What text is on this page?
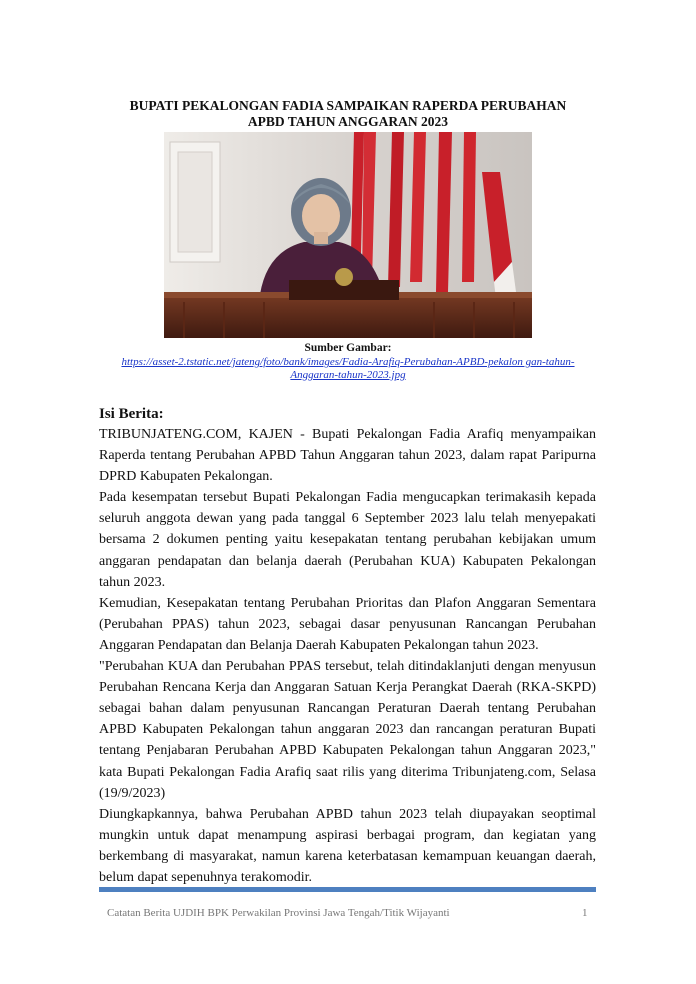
BUPATI PEKALONGAN FADIA SAMPAIKAN RAPERDA PERUBAHAN
APBD TAHUN ANGGARAN 2023
Sumber Gambar:
https://asset-2.tstatic.net/jateng/foto/bank/images/Fadia-Arafiq-Perubahan-APBD-pekalon gan-tahun-
Anggaran-tahun-2023.jpg
Isi Berita:

TRIBUNJATENG.COM, KAJEN - Bupati Pekalongan Fadia Arafiq menyampaikan Raperda tentang Perubahan APBD Tahun Anggaran tahun 2023, dalam rapat Paripurna DPRD Kabupaten Pekalongan.

Pada kesempatan tersebut Bupati Pekalongan Fadia mengucapkan terimakasih kepada seluruh anggota dewan yang pada tanggal 6 September 2023 lalu telah menyepakati bersama 2 dokumen penting yaitu kesepakatan tentang perubahan kebijakan umum anggaran pendapatan dan belanja daerah (Perubahan KUA) Kabupaten Pekalongan tahun 2023.

Kemudian, Kesepakatan tentang Perubahan Prioritas dan Plafon Anggaran Sementara (Perubahan PPAS) tahun 2023, sebagai dasar penyusunan Rancangan Perubahan Anggaran Pendapatan dan Belanja Daerah Kabupaten Pekalongan tahun 2023.

"Perubahan KUA dan Perubahan PPAS tersebut, telah ditindaklanjuti dengan menyusun Perubahan Rencana Kerja dan Anggaran Satuan Kerja Perangkat Daerah (RKA-SKPD) sebagai bahan dalam penyusunan Rancangan Peraturan Daerah tentang Perubahan APBD Kabupaten Pekalongan tahun anggaran 2023 dan rancangan peraturan Bupati tentang Penjabaran Perubahan APBD Kabupaten Pekalongan tahun Anggaran 2023," kata Bupati Pekalongan Fadia Arafiq saat rilis yang diterima Tribunjateng.com, Selasa (19/9/2023)

Diungkapkannya, bahwa Perubahan APBD tahun 2023 telah diupayakan seoptimal mungkin untuk dapat menampung aspirasi berbagai program, dan kegiatan yang berkembang di masyarakat, namun karena keterbatasan kemampuan keuangan daerah, belum dapat sepenuhnya terakomodir.

Catatan Berita UJDIH BPK Perwakilan Provinsi Jawa Tengah/Titik Wijayanti	1
